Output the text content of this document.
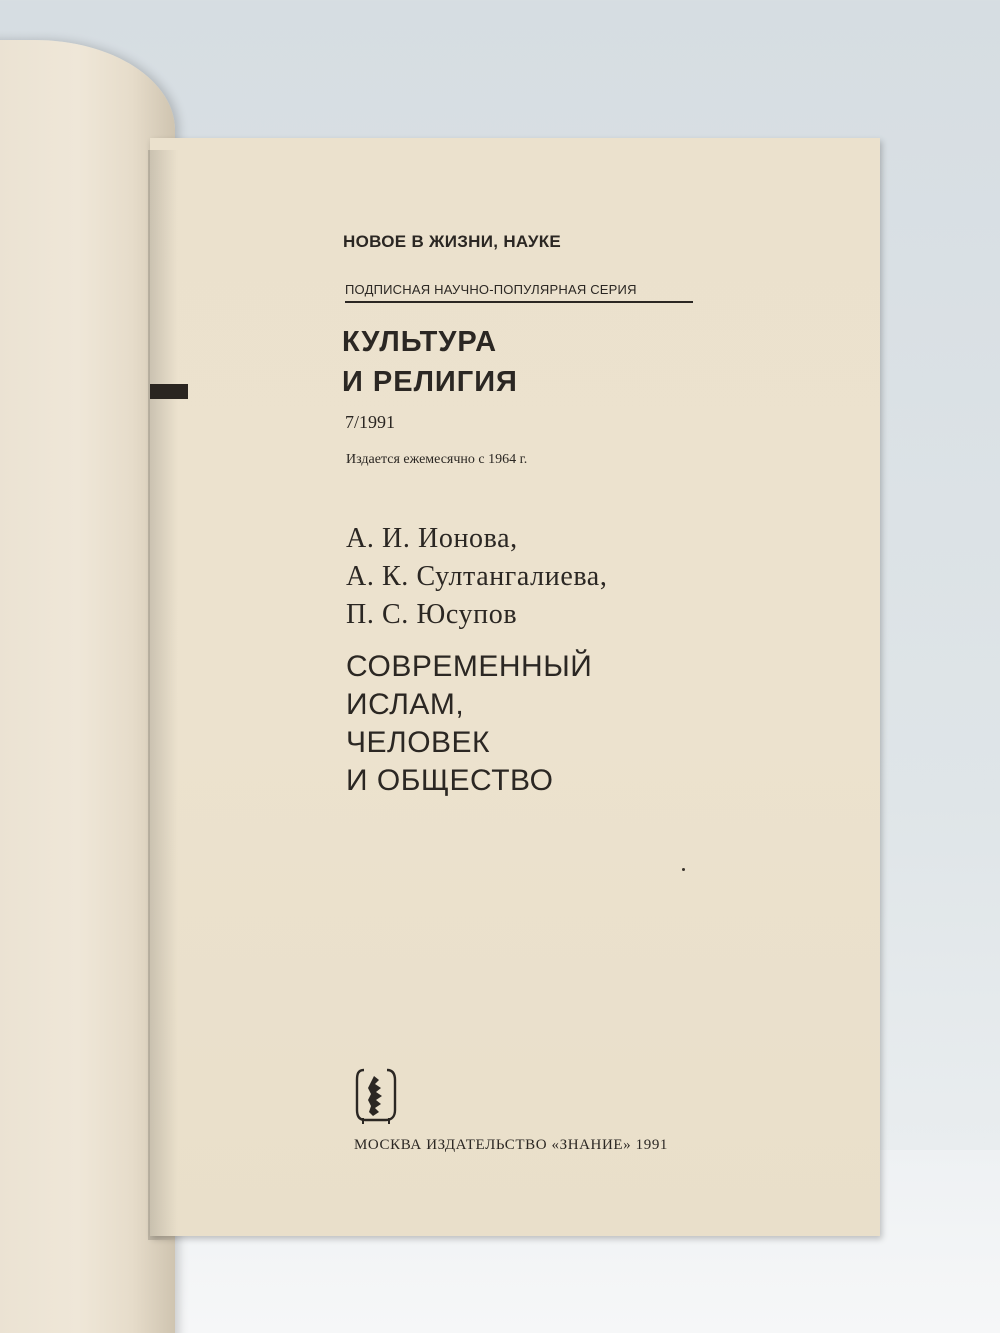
НОВОЕ В ЖИЗНИ, НАУКЕ
ПОДПИСНАЯ НАУЧНО-ПОПУЛЯРНАЯ СЕРИЯ
КУЛЬТУРА
И РЕЛИГИЯ
7/1991
Издается ежемесячно с 1964 г.
А. И. Ионова,
А. К. Султангалиева,
П. С. Юсупов
СОВРЕМЕННЫЙ
ИСЛАМ,
ЧЕЛОВЕК
И ОБЩЕСТВО
МОСКВА ИЗДАТЕЛЬСТВО «ЗНАНИЕ» 1991
